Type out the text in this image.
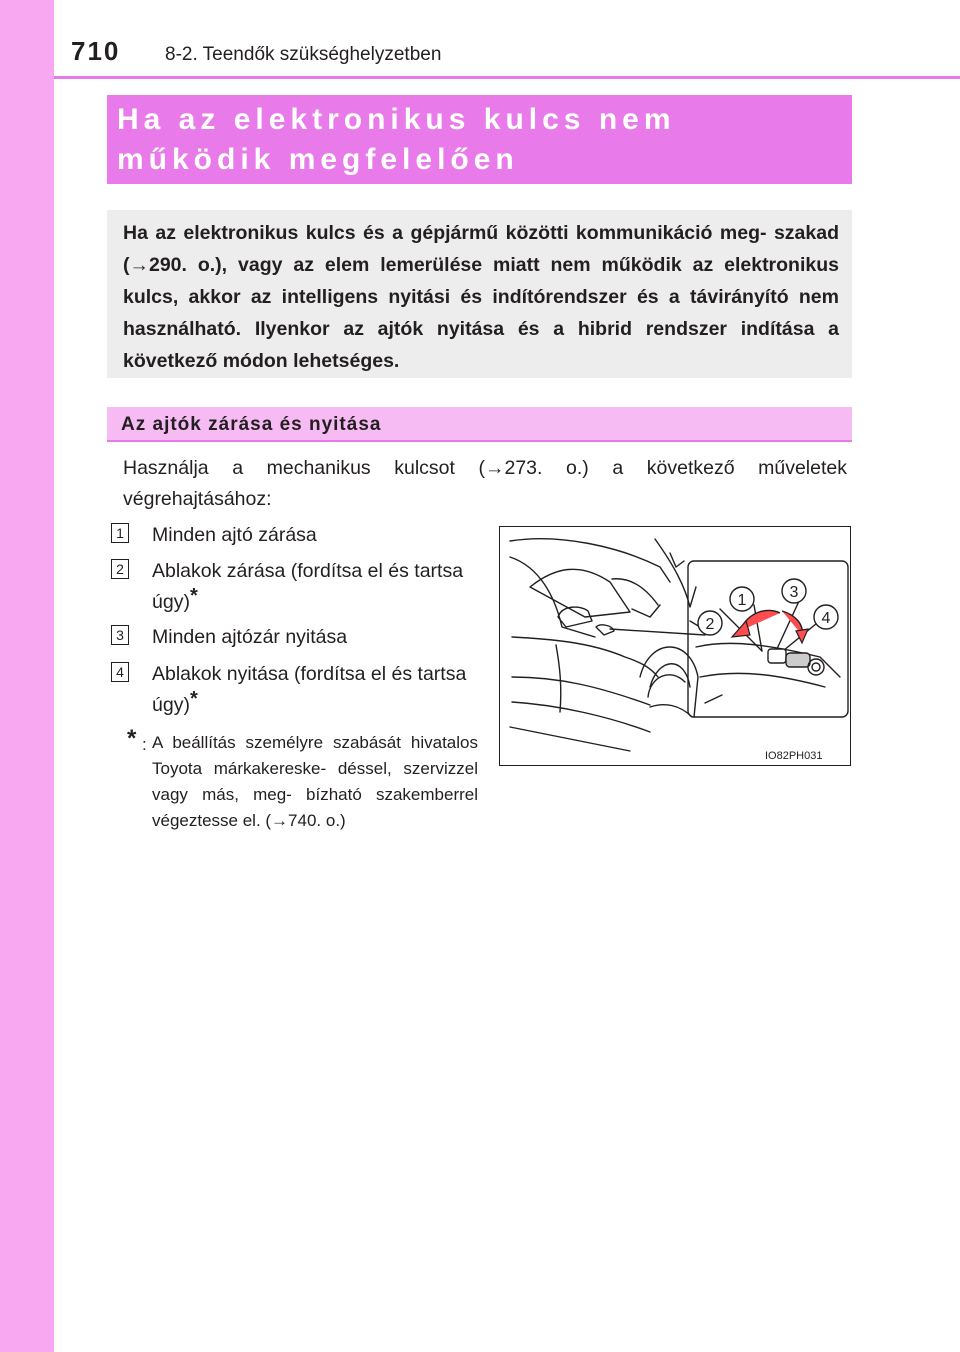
710 8-2. Teendők szükséghelyzetben
Ha az elektronikus kulcs nem működik megfelelően
Ha az elektronikus kulcs és a gépjármű közötti kommunikáció meg- szakad (→290. o.), vagy az elem lemerülése miatt nem működik az elektronikus kulcs, akkor az intelligens nyitási és indítórendszer és a távirányító nem használható. Ilyenkor az ajtók nyitása és a hibrid rendszer indítása a következő módon lehetséges.
Az ajtók zárása és nyitása
Használja a mechanikus kulcsot (→273. o.) a következő műveletek végrehajtásához:
1 Minden ajtó zárása
2 Ablakok zárása (fordítsa el és tartsa úgy)*
3 Minden ajtózár nyitása
4 Ablakok nyitása (fordítsa el és tartsa úgy)*
* : A beállítás személyre szabását hivatalos Toyota márkakereske- déssel, szervizzel vagy más, meg- bízható szakemberrel végeztesse el. (→740. o.)
1
2
3
4
IO82PH031
